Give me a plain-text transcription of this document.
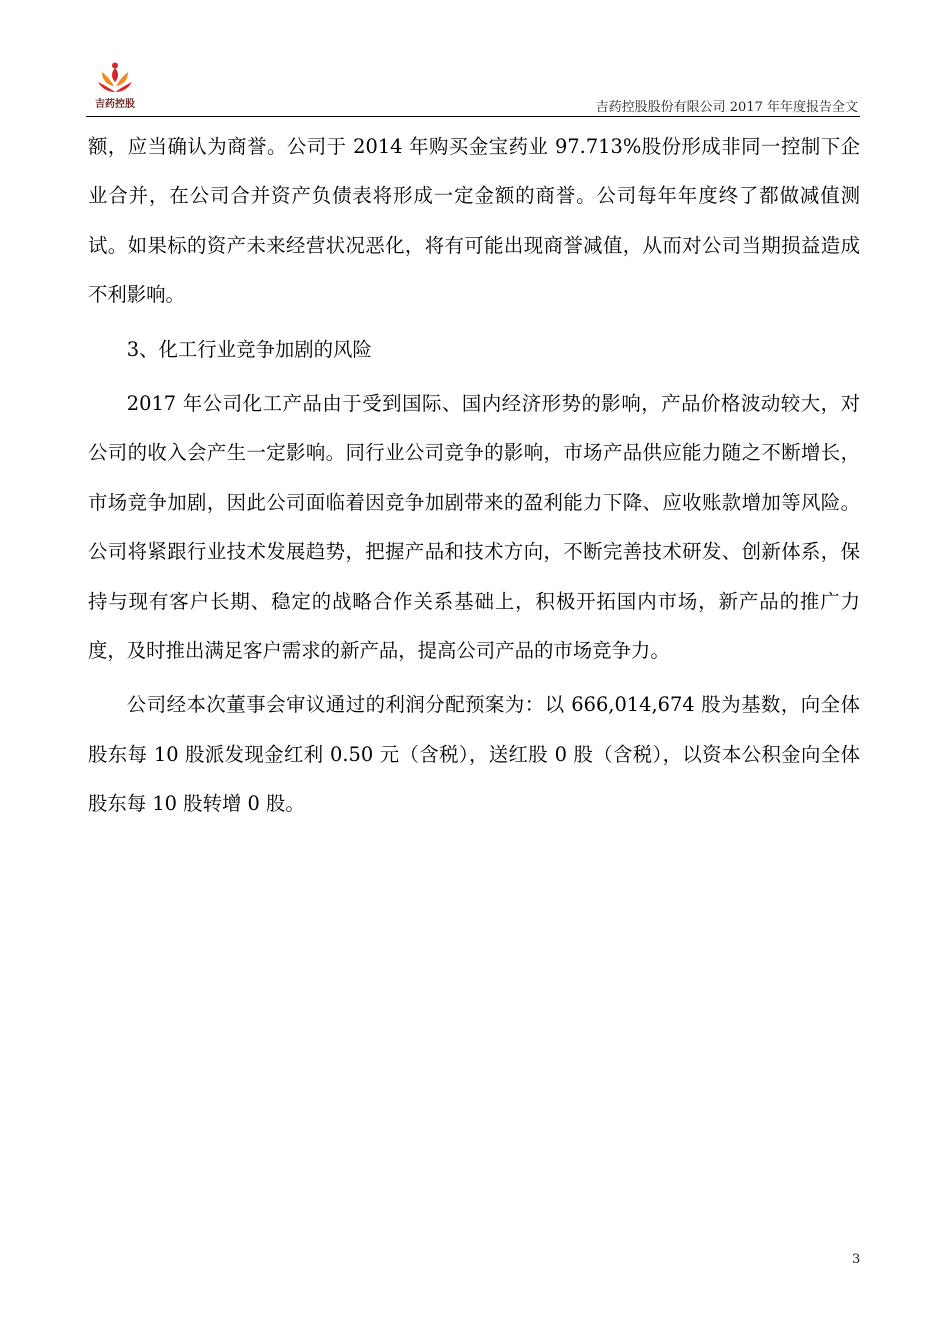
吉药控股	吉药控股股份有限公司 2017 年年度报告全文

额，应当确认为商誉。公司于 2014 年购买金宝药业 97.713%股份形成非同一控制下企业合并，在公司合并资产负债表将形成一定金额的商誉。公司每年年度终了都做减值测试。如果标的资产未来经营状况恶化，将有可能出现商誉减值，从而对公司当期损益造成不利影响。

3、化工行业竞争加剧的风险

2017 年公司化工产品由于受到国际、国内经济形势的影响，产品价格波动较大，对公司的收入会产生一定影响。同行业公司竞争的影响，市场产品供应能力随之不断增长，市场竞争加剧，因此公司面临着因竞争加剧带来的盈利能力下降、应收账款增加等风险。公司将紧跟行业技术发展趋势，把握产品和技术方向，不断完善技术研发、创新体系，保持与现有客户长期、稳定的战略合作关系基础上，积极开拓国内市场，新产品的推广力度，及时推出满足客户需求的新产品，提高公司产品的市场竞争力。

公司经本次董事会审议通过的利润分配预案为：以 666,014,674 股为基数，向全体股东每 10 股派发现金红利 0.50 元（含税），送红股 0 股（含税），以资本公积金向全体股东每 10 股转增 0 股。

3
